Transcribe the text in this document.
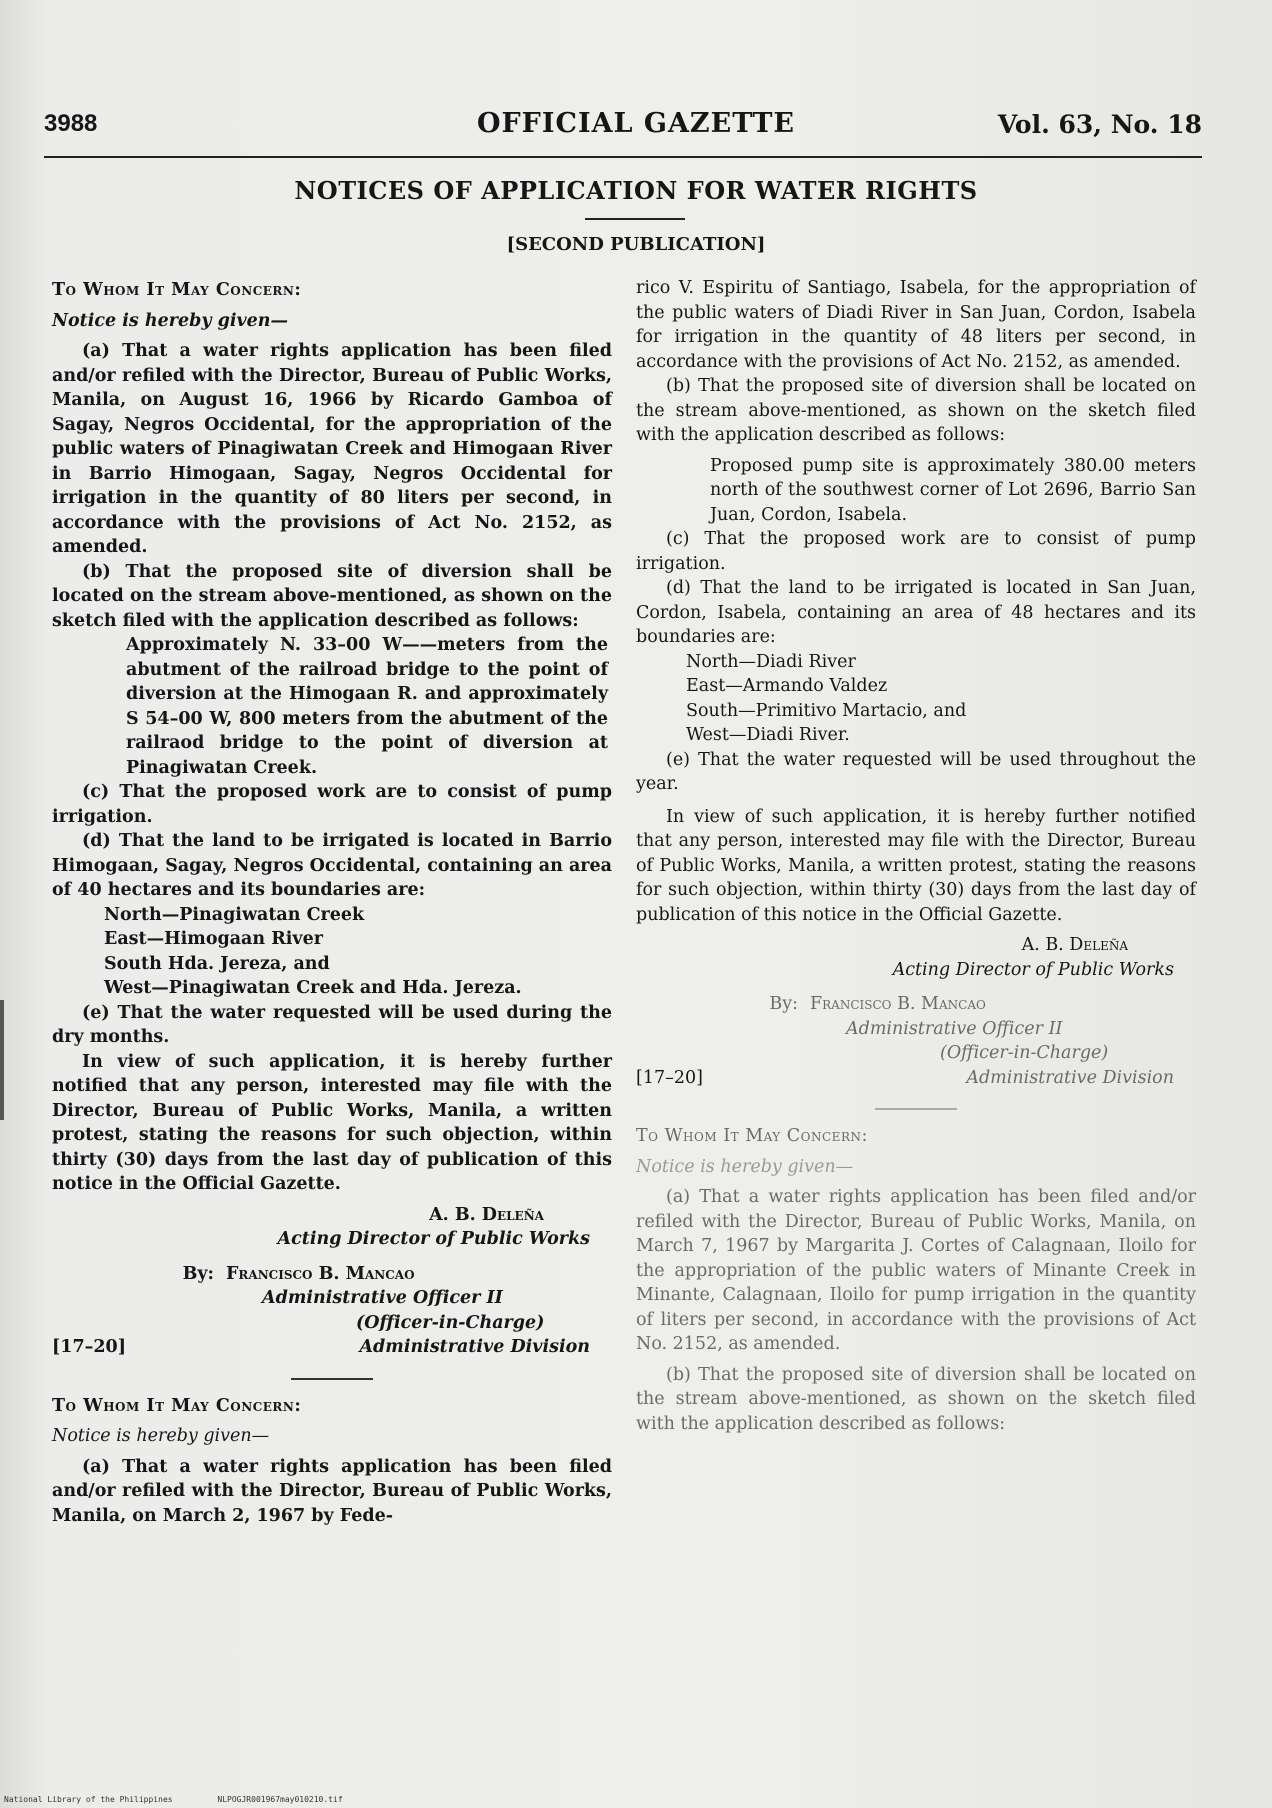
3988	OFFICIAL GAZETTE	Vol. 63, No. 18
NOTICES OF APPLICATION FOR WATER RIGHTS
[SECOND PUBLICATION]

To Whom It May Concern:

Notice is hereby given—

(a) That a water rights application has been filed and/or refiled with the Director, Bureau of Public Works, Manila, on August 16, 1966 by Ricardo Gamboa of Sagay, Negros Occidental, for the appropriation of the public waters of Pinagiwatan Creek and Himogaan River in Barrio Himogaan, Sagay, Negros Occidental for irrigation in the quantity of 80 liters per second, in accordance with the provisions of Act No. 2152, as amended.

(b) That the proposed site of diversion shall be located on the stream above-mentioned, as shown on the sketch filed with the application described as follows:

Approximately N. 33–00 W——meters from the abutment of the railroad bridge to the point of diversion at the Himogaan R. and approximately S 54–00 W, 800 meters from the abutment of the railraod bridge to the point of diversion at Pinagiwatan Creek.

(c) That the proposed work are to consist of pump irrigation.

(d) That the land to be irrigated is located in Barrio Himogaan, Sagay, Negros Occidental, containing an area of 40 hectares and its boundaries are:

North—Pinagiwatan Creek

East—Himogaan River

South Hda. Jereza, and

West—Pinagiwatan Creek and Hda. Jereza.

(e) That the water requested will be used during the dry months.

In view of such application, it is hereby further notified that any person, interested may file with the Director, Bureau of Public Works, Manila, a written protest, stating the reasons for such objection, within thirty (30) days from the last day of publication of this notice in the Official Gazette.

A. B. Deleña

Acting Director of Public Works

By: Francisco B. Mancao

Administrative Officer II

(Officer-in-Charge)

[17–20]	Administrative Division

To Whom It May Concern:

Notice is hereby given—

(a) That a water rights application has been filed and/or refiled with the Director, Bureau of Public Works, Manila, on March 2, 1967 by Fede-

rico V. Espiritu of Santiago, Isabela, for the appropriation of the public waters of Diadi River in San Juan, Cordon, Isabela for irrigation in the quantity of 48 liters per second, in accordance with the provisions of Act No. 2152, as amended.

(b) That the proposed site of diversion shall be located on the stream above-mentioned, as shown on the sketch filed with the application described as follows:

Proposed pump site is approximately 380.00 meters north of the southwest corner of Lot 2696, Barrio San Juan, Cordon, Isabela.

(c) That the proposed work are to consist of pump irrigation.

(d) That the land to be irrigated is located in San Juan, Cordon, Isabela, containing an area of 48 hectares and its boundaries are:

North—Diadi River

East—Armando Valdez

South—Primitivo Martacio, and

West—Diadi River.

(e) That the water requested will be used throughout the year.

In view of such application, it is hereby further notified that any person, interested may file with the Director, Bureau of Public Works, Manila, a written protest, stating the reasons for such objection, within thirty (30) days from the last day of publication of this notice in the Official Gazette.

A. B. Deleña

Acting Director of Public Works

By: Francisco B. Mancao

Administrative Officer II

(Officer-in-Charge)

[17–20]	Administrative Division

To Whom It May Concern:

Notice is hereby given—

(a) That a water rights application has been filed and/or refiled with the Director, Bureau of Public Works, Manila, on March 7, 1967 by Margarita J. Cortes of Calagnaan, Iloilo for the appropriation of the public waters of Minante Creek in Minante, Calagnaan, Iloilo for pump irrigation in the quantity of liters per second, in accordance with the provisions of Act No. 2152, as amended.

(b) That the proposed site of diversion shall be located on the stream above-mentioned, as shown on the sketch filed with the application described as follows:

National Library of the Philippines	NLPOGJR001967may010210.tif
